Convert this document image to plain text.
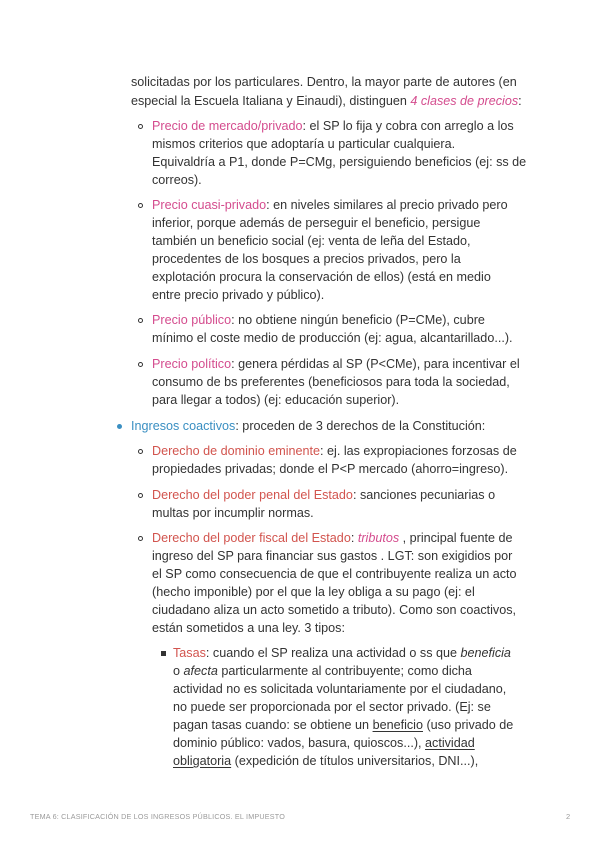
solicitadas por los particulares. Dentro, la mayor parte de autores (en
especial la Escuela Italiana y Einaudi), distinguen 4 clases de precios:
Precio de mercado/privado: el SP lo fija y cobra con arreglo a los
mismos criterios que adoptaría u particular cualquiera.
Equivaldría a P1, donde P=CMg, persiguiendo beneficios (ej: ss de
correos).
Precio cuasi-privado: en niveles similares al precio privado pero
inferior, porque además de perseguir el beneficio, persigue
también un beneficio social (ej: venta de leña del Estado,
procedentes de los bosques a precios privados, pero la
explotación procura la conservación de ellos) (está en medio
entre precio privado y público).
Precio público: no obtiene ningún beneficio (P=CMe), cubre
mínimo el coste medio de producción (ej: agua, alcantarillado...).
Precio político: genera pérdidas al SP (P<CMe), para incentivar el
consumo de bs preferentes (beneficiosos para toda la sociedad,
para llegar a todos) (ej: educación superior).
Ingresos coactivos: proceden de 3 derechos de la Constitución:
Derecho de dominio eminente: ej. las expropiaciones forzosas de
propiedades privadas; donde el P<P mercado (ahorro=ingreso).
Derecho del poder penal del Estado: sanciones pecuniarias o
multas por incumplir normas.
Derecho del poder fiscal del Estado: tributos , principal fuente de
ingreso del SP para financiar sus gastos . LGT: son exigidios por
el SP como consecuencia de que el contribuyente realiza un acto
(hecho imponible) por el que la ley obliga a su pago (ej: el
ciudadano aliza un acto sometido a tributo). Como son coactivos,
están sometidos a una ley. 3 tipos:
Tasas: cuando el SP realiza una actividad o ss que beneficia
o afecta particularmente al contribuyente; como dicha
actividad no es solicitada voluntariamente por el ciudadano,
no puede ser proporcionada por el sector privado. (Ej: se
pagan tasas cuando: se obtiene un beneficio (uso privado de
dominio público: vados, basura, quioscos...), actividad
obligatoria (expedición de títulos universitarios, DNI...),
TEMA 6: CLASIFICACIÓN DE LOS INGRESOS PÚBLICOS. EL IMPUESTO	2
